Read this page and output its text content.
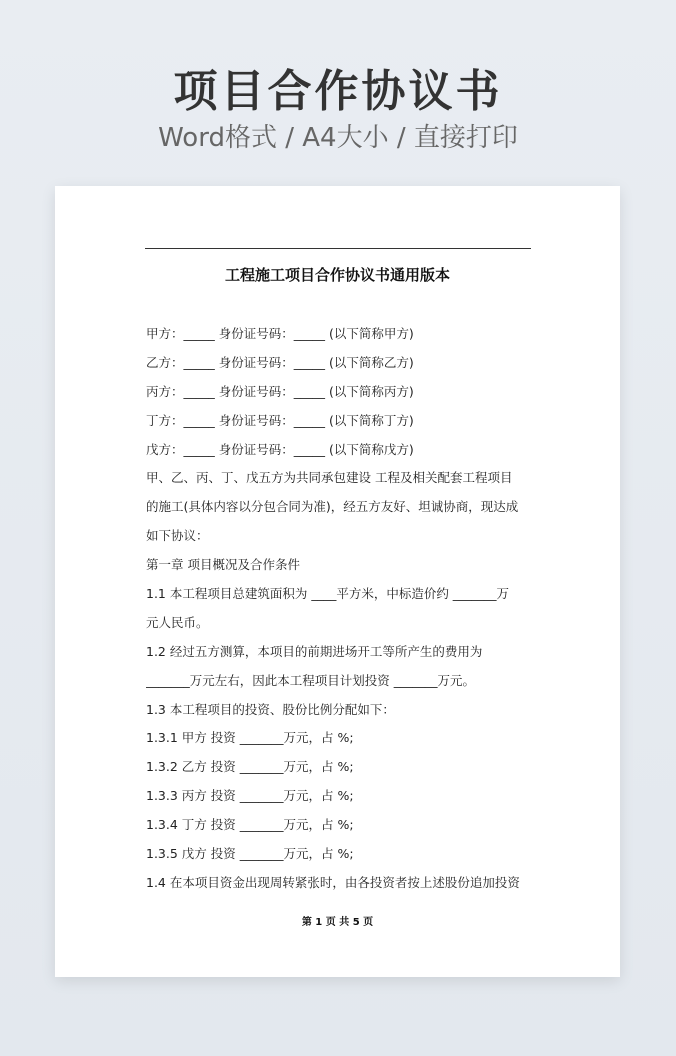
项目合作协议书
Word格式 / A4大小 / 直接打印
工程施工项目合作协议书通用版本
甲方：_____ 身份证号码：_____ (以下简称甲方)
乙方：_____ 身份证号码：_____ (以下简称乙方)
丙方：_____ 身份证号码：_____ (以下简称丙方)
丁方：_____ 身份证号码：_____ (以下简称丁方)
戊方：_____ 身份证号码：_____ (以下简称戊方)
甲、乙、丙、丁、戊五方为共同承包建设 工程及相关配套工程项目
的施工(具体内容以分包合同为准)，经五方友好、坦诚协商，现达成
如下协议：
第一章 项目概况及合作条件
1.1 本工程项目总建筑面积为 ____平方米，中标造价约 _______万
元人民币。
1.2 经过五方测算，本项目的前期进场开工等所产生的费用为
_______万元左右，因此本工程项目计划投资 _______万元。
1.3 本工程项目的投资、股份比例分配如下：
1.3.1 甲方 投资 _______万元，占 %;
1.3.2 乙方 投资 _______万元，占 %;
1.3.3 丙方 投资 _______万元，占 %;
1.3.4 丁方 投资 _______万元，占 %;
1.3.5 戊方 投资 _______万元，占 %;
1.4 在本项目资金出现周转紧张时，由各投资者按上述股份追加投资
第 1 页 共 5 页
